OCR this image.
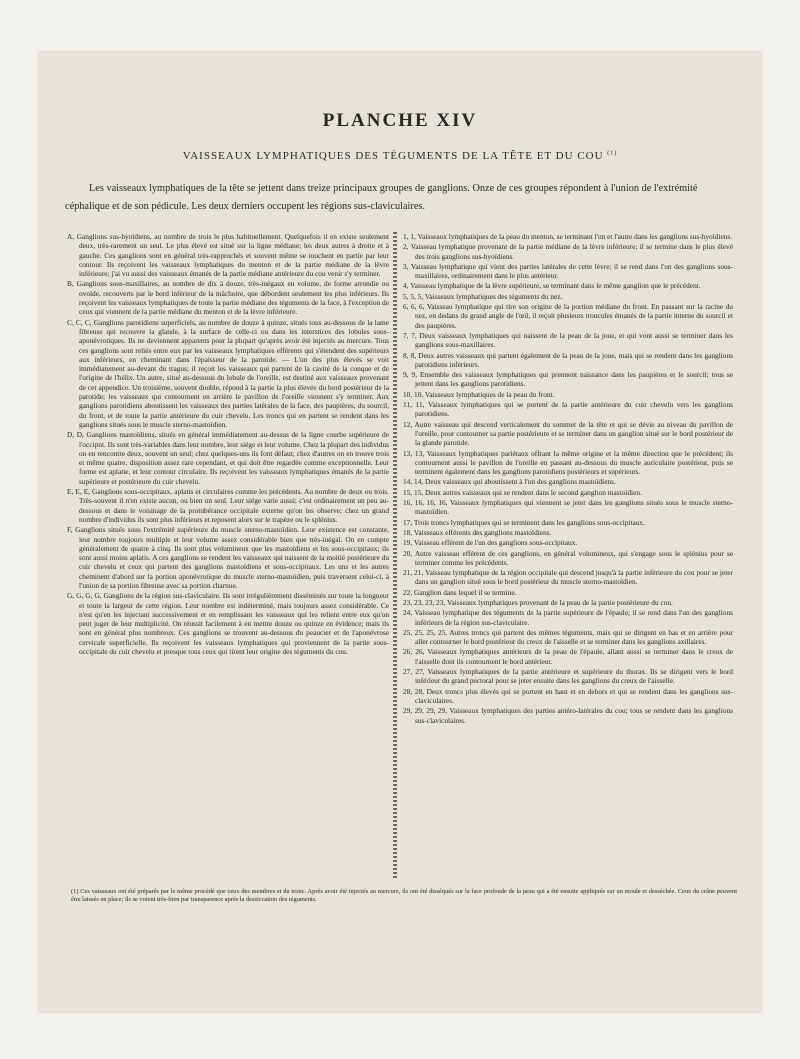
PLANCHE XIV
VAISSEAUX LYMPHATIQUES DES TÉGUMENTS DE LA TÊTE ET DU COU $^{(1)}$
Les vaisseaux lymphatiques de la tête se jettent dans treize principaux groupes de ganglions. Onze de ces groupes répondent à l'union de l'extrémité céphalique et de son pédicule. Les deux derniers occupent les régions sus-claviculaires.
A, Ganglions sus-hyoïdiens, au nombre de trois le plus habituellement. Quelquefois il en existe seulement deux, très-rarement un seul. Le plus élevé est situé sur la ligne médiane; les deux autres à droite et à gauche. Ces ganglions sont en général très-rapprochés et souvent même se touchent en partie par leur contour. Ils reçoivent les vaisseaux lymphatiques du menton et de la partie médiane de la lèvre inférieure; j'ai vu aussi des vaisseaux émanés de la partie médiane antérieure du cou venir s'y terminer.
B, Ganglions sous-maxillaires, au nombre de dix à douze, très-inégaux en volume, de forme arrondie ou ovoïde, recouverts par le bord inférieur de la mâchoire, que débordent seulement les plus inférieurs. Ils reçoivent les vaisseaux lymphatiques de toute la partie médiane des téguments de la face, à l'exception de ceux qui viennent de la partie médiane du menton et de la lèvre inférieure.
C, C, C, Ganglions parotidiens superficiels, au nombre de douze à quinze, situés tous au-dessous de la lame fibreuse qui recouvre la glande, à la surface de celle-ci ou dans les interstices des lobules sous-aponévrotiques. Ils ne deviennent apparents pour la plupart qu'après avoir été injectés au mercure. Tous ces ganglions sont reliés entre eux par les vaisseaux lymphatiques efférents qui s'étendent des supérieurs aux inférieurs, en cheminant dans l'épaisseur de la parotide. — L'un des plus élevés se voit immédiatement au-devant du tragus; il reçoit les vaisseaux qui partent de la cavité de la conque et de l'origine de l'hélix. Un autre, situé au-dessous du lobule de l'oreille, est destiné aux vaisseaux provenant de cet appendice. Un troisième, souvent double, répond à la partie la plus élevée du bord postérieur de la parotide; les vaisseaux qui contournent en arrière le pavillon de l'oreille viennent s'y terminer. Aux ganglions parotidiens aboutissent les vaisseaux des parties latérales de la face, des paupières, du sourcil, du front, et de toute la partie antérieure du cuir chevelu. Les troncs qui en partent se rendent dans les ganglions situés sous le muscle sterno-mastoïdien.
D, D, Ganglions mastoïdiens, situés en général immédiatement au-dessus de la ligne courbe supérieure de l'occiput. Ils sont très-variables dans leur nombre, leur siége et leur volume. Chez la plupart des individus on en rencontre deux, souvent un seul; chez quelques-uns ils font défaut; chez d'autres on en trouve trois et même quatre, disposition assez rare cependant, et qui doit être regardée comme exceptionnelle. Leur forme est aplatie, et leur contour circulaire. Ils reçoivent les vaisseaux lymphatiques émanés de la partie supérieure et postérieure du cuir chevelu.
E, E, E, Ganglions sous-occipitaux, aplatis et circulaires comme les précédents. Au nombre de deux ou trois. Très-souvent il n'en existe aucun, ou bien un seul. Leur siége varie aussi; c'est ordinairement un peu au-dessous et dans le voisinage de la protubérance occipitale externe qu'on les observe; chez un grand nombre d'individus ils sont plus inférieurs et reposent alors sur le trapèze ou le splénius.
F, Ganglions situés sous l'extrémité supérieure du muscle sterno-mastoïdien. Leur existence est constante, leur nombre toujours multiple et leur volume assez considérable bien que très-inégal. On en compte généralement de quatre à cinq. Ils sont plus volumineux que les mastoïdiens et les sous-occipitaux; ils sont aussi moins aplatis. A ces ganglions se rendent les vaisseaux qui naissent de la moitié postérieure du cuir chevelu et ceux qui partent des ganglions mastoïdiens et sous-occipitaux. Les uns et les autres cheminent d'abord sur la portion aponévrotique du muscle sterno-mastoïdien, puis traversent celui-ci, à l'union de sa portion fibreuse avec sa portion charnue.
G, G, G, G, Ganglions de la région sus-claviculaire. Ils sont irrégulièrement disséminés sur toute la longueur et toute la largeur de cette région. Leur nombre est indéterminé, mais toujours assez considérable. Ce n'est qu'en les injectant successivement et en remplissant les vaisseaux qui les relient entre eux qu'on peut juger de leur multiplicité. On réussit facilement à en mettre douze ou quinze en évidence; mais ils sont en général plus nombreux. Ces ganglions se trouvent au-dessous du peaucier et de l'aponévrose cervicale superficielle. Ils reçoivent les vaisseaux lymphatiques qui proviennent de la partie sous-occipitale du cuir chevelu et presque tous ceux qui tirent leur origine des téguments du cou.
1, 1, Vaisseaux lymphatiques de la peau du menton, se terminant l'un et l'autre dans les ganglions sus-hyoïdiens.
2, Vaisseau lymphatique provenant de la partie médiane de la lèvre inférieure; il se termine dans le plus élevé des trois ganglions sus-hyoïdiens.
3, Vaisseau lymphatique qui vient des parties latérales de cette lèvre; il se rend dans l'un des ganglions sous-maxillaires, ordinairement dans le plus antérieur.
4, Vaisseau lymphatique de la lèvre supérieure, se terminant dans le même ganglion que le précédent.
5, 5, 5, Vaisseaux lymphatiques des téguments du nez.
6, 6, 6, Vaisseau lymphatique qui tire son origine de la portion médiane du front. En passant sur la racine du nez, en dedans du grand angle de l'œil, il reçoit plusieurs troncules émanés de la partie interne du sourcil et des paupières.
7, 7, Deux vaisseaux lymphatiques qui naissent de la peau de la joue, et qui vont aussi se terminer dans les ganglions sous-maxillaires.
8, 8, Deux autres vaisseaux qui partent également de la peau de la joue, mais qui se rendent dans les ganglions parotidiens inférieurs.
9, 9, Ensemble des vaisseaux lymphatiques qui prennent naissance dans les paupières et le sourcil; tous se jettent dans les ganglions parotidiens.
10, 10, Vaisseaux lymphatiques de la peau du front.
11, 11, Vaisseaux lymphatiques qui se portent de la partie antérieure du cuir chevelu vers les ganglions parotidiens.
12, Autre vaisseau qui descend verticalement du sommet de la tête et qui se dévie au niveau du pavillon de l'oreille, pour contourner sa partie postérieure et se terminer dans un ganglion situé sur le bord postérieur de la glande parotide.
13, 13, Vaisseaux lymphatiques pariétaux offrant la même origine et la même direction que le précédent; ils contournent aussi le pavillon de l'oreille en passant au-dessous du muscle auriculaire postérieur, puis se terminent également dans les ganglions parotidiens postérieurs et supérieurs.
14, 14, Deux vaisseaux qui aboutissent à l'un des ganglions mastoïdiens.
15, 15, Deux autres vaisseaux qui se rendent dans le second ganglion mastoïdien.
16, 16, 16, 16, Vaisseaux lymphatiques qui viennent se jeter dans les ganglions situés sous le muscle sterno-mastoïdien.
17, Trois troncs lymphatiques qui se terminent dans les ganglions sous-occipitaux.
18, Vaisseaux efférents des ganglions mastoïdiens.
19, Vaisseau efférent de l'un des ganglions sous-occipitaux.
20, Autre vaisseau efférent de ces ganglions, en général volumineux, qui s'engage sous le splénius pour se terminer comme les précédents.
21, 21, Vaisseau lymphatique de la région occipitale qui descend jusqu'à la partie inférieure du cou pour se jeter dans un ganglion situé sous le bord postérieur du muscle sterno-mastoïdien.
22, Ganglion dans lequel il se termine.
23, 23, 23, 23, Vaisseaux lymphatiques provenant de la peau de la partie postérieure du cou.
24, Vaisseau lymphatique des téguments de la partie supérieure de l'épaule; il se rend dans l'un des ganglions inférieurs de la région sus-claviculaire.
25, 25, 25, 25, Autres troncs qui partent des mêmes téguments, mais qui se dirigent en bas et en arrière pour aller contourner le bord postérieur du creux de l'aisselle et se terminer dans les ganglions axillaires.
26, 26, Vaisseaux lymphatiques antérieurs de la peau de l'épaule, allant aussi se terminer dans le creux de l'aisselle dont ils contournent le bord antérieur.
27, 27, Vaisseaux lymphatiques de la partie antérieure et supérieure du thorax. Ils se dirigent vers le bord inférieur du grand pectoral pour se jeter ensuite dans les ganglions du creux de l'aisselle.
28, 28, Deux troncs plus élevés qui se portent en haut et en dehors et qui se rendent dans les ganglions sus-claviculaires.
29, 29, 29, 29, Vaisseaux lymphatiques des parties antéro-latérales du cou; tous se rendent dans les ganglions sus-claviculaires.
(1) Ces vaisseaux ont été préparés par le même procédé que ceux des membres et du tronc. Après avoir été injectés au mercure, ils ont été disséqués sur la face profonde de la peau qui a été ensuite appliquée sur un moule et desséchée. Ceux du crâne peuvent être laissés en place; ils se voient très-bien par transparence après la dessiccation des téguments.
